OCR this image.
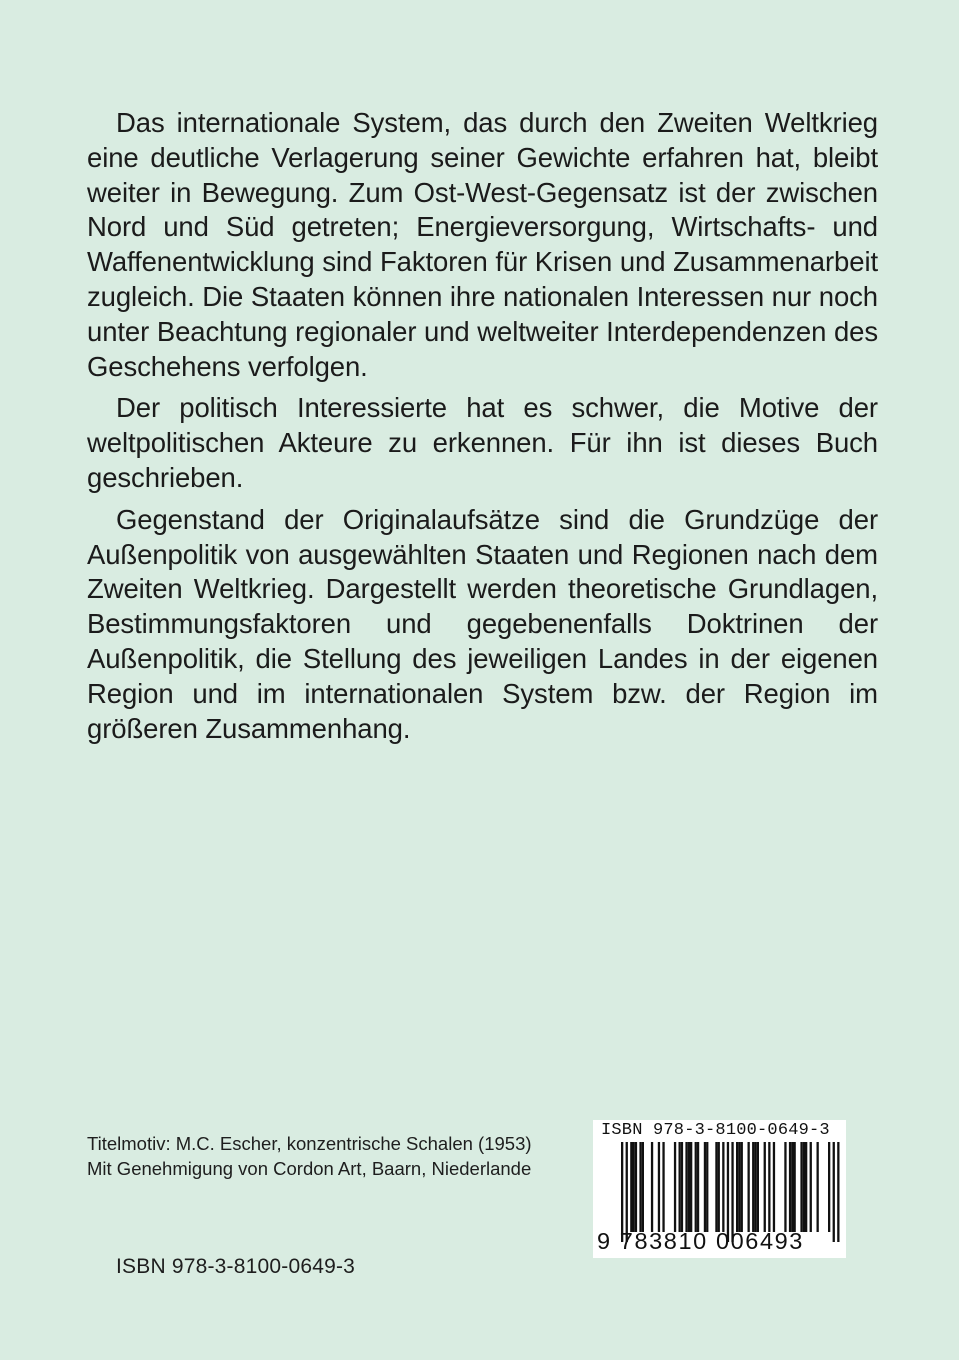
Das internationale System, das durch den Zweiten Weltkrieg eine deutliche Verlagerung seiner Gewichte erfahren hat, bleibt weiter in Bewegung. Zum Ost-West-Gegensatz ist der zwischen Nord und Süd getreten; Energieversorgung, Wirtschafts- und Waffenentwicklung sind Faktoren für Krisen und Zusammenarbeit zugleich. Die Staaten können ihre nationalen Interessen nur noch unter Beachtung regionaler und weltweiter Interdependenzen des Geschehens verfolgen.

Der politisch Interessierte hat es schwer, die Motive der weltpolitischen Akteure zu erkennen. Für ihn ist dieses Buch geschrieben.

Gegenstand der Originalaufsätze sind die Grundzüge der Außenpolitik von ausgewählten Staaten und Regionen nach dem Zweiten Weltkrieg. Dargestellt werden theoretische Grundlagen, Bestimmungsfaktoren und gegebenenfalls Doktrinen der Außenpolitik, die Stellung des jeweiligen Landes in der eigenen Region und im internationalen System bzw. der Region im größeren Zusammenhang.

Titelmotiv: M.C. Escher, konzentrische Schalen (1953)
Mit Genehmigung von Cordon Art, Baarn, Niederlande
ISBN 978-3-8100-0649-3
9 783810 006493
ISBN 978-3-8100-0649-3
